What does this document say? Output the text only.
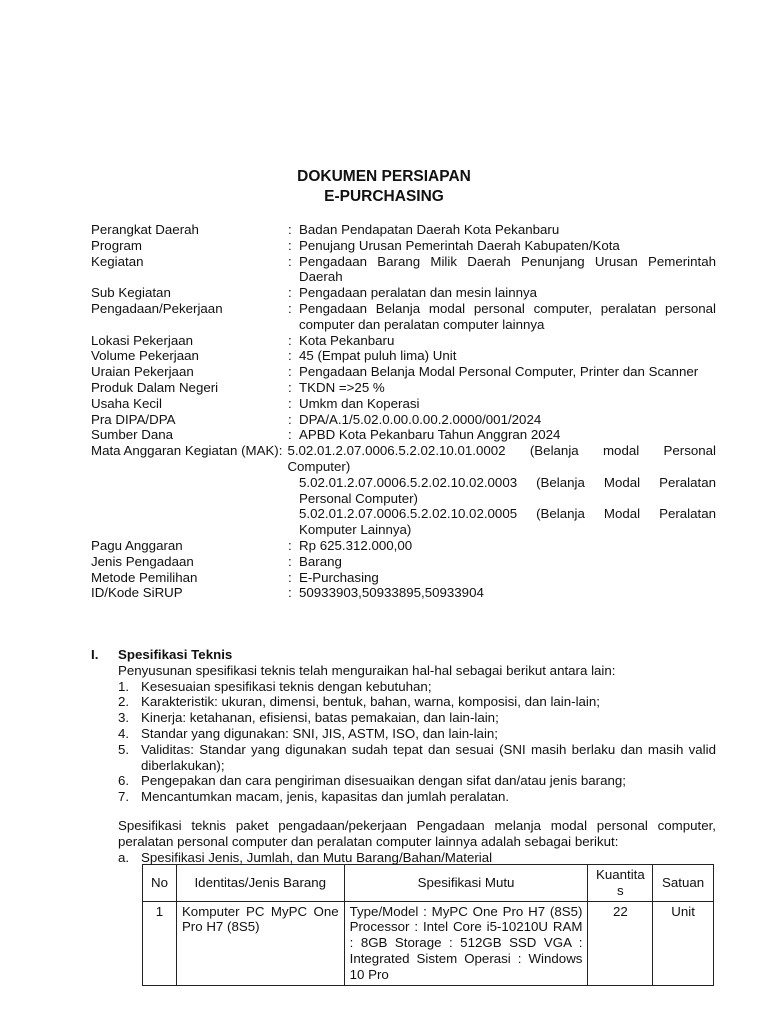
DOKUMEN PERSIAPAN
E-PURCHASING
Perangkat Daerah	: Badan Pendapatan Daerah Kota Pekanbaru
Program	: Penujang Urusan Pemerintah Daerah Kabupaten/Kota
Kegiatan	: Pengadaan Barang Milik Daerah Penunjang Urusan Pemerintah Daerah
Sub Kegiatan	: Pengadaan peralatan dan mesin lainnya
Pengadaan/Pekerjaan	: Pengadaan Belanja modal personal computer, peralatan personal computer dan peralatan computer lainnya
Lokasi Pekerjaan	: Kota Pekanbaru
Volume Pekerjaan	: 45 (Empat puluh lima) Unit
Uraian Pekerjaan	: Pengadaan Belanja Modal Personal Computer, Printer dan Scanner
Produk Dalam Negeri	: TKDN =>25 %
Usaha Kecil	: Umkm dan Koperasi
Pra DIPA/DPA	: DPA/A.1/5.02.0.00.0.00.2.0000/001/2024
Sumber Dana	: APBD Kota Pekanbaru Tahun Anggran 2024
Mata Anggaran Kegiatan (MAK): 5.02.01.2.07.0006.5.2.02.10.01.0002 (Belanja modal Personal Computer)
5.02.01.2.07.0006.5.2.02.10.02.0003 (Belanja Modal Peralatan Personal Computer)
5.02.01.2.07.0006.5.2.02.10.02.0005 (Belanja Modal Peralatan Komputer Lainnya)
Pagu Anggaran	: Rp 625.312.000,00
Jenis Pengadaan	: Barang
Metode Pemilihan	: E-Purchasing
ID/Kode SiRUP	: 50933903,50933895,50933904
I.	Spesifikasi Teknis
Penyusunan spesifikasi teknis telah menguraikan hal-hal sebagai berikut antara lain:
1. Kesesuaian spesifikasi teknis dengan kebutuhan;
2. Karakteristik: ukuran, dimensi, bentuk, bahan, warna, komposisi, dan lain-lain;
3. Kinerja: ketahanan, efisiensi, batas pemakaian, dan lain-lain;
4. Standar yang digunakan: SNI, JIS, ASTM, ISO, dan lain-lain;
5. Validitas: Standar yang digunakan sudah tepat dan sesuai (SNI masih berlaku dan masih valid diberlakukan);
6. Pengepakan dan cara pengiriman disesuaikan dengan sifat dan/atau jenis barang;
7. Mencantumkan macam, jenis, kapasitas dan jumlah peralatan.
Spesifikasi teknis paket pengadaan/pekerjaan Pengadaan melanja modal personal computer, peralatan personal computer dan peralatan computer lainnya adalah sebagai berikut:
a. Spesifikasi Jenis, Jumlah, dan Mutu Barang/Bahan/Material
No	Identitas/Jenis Barang	Spesifikasi Mutu	Kuantitas	Satuan
1	Komputer PC MyPC One Pro H7 (8S5)	Type/Model : MyPC One Pro H7 (8S5) Processor : Intel Core i5-10210U RAM : 8GB Storage : 512GB SSD VGA : Integrated Sistem Operasi : Windows 10 Pro	22	Unit
